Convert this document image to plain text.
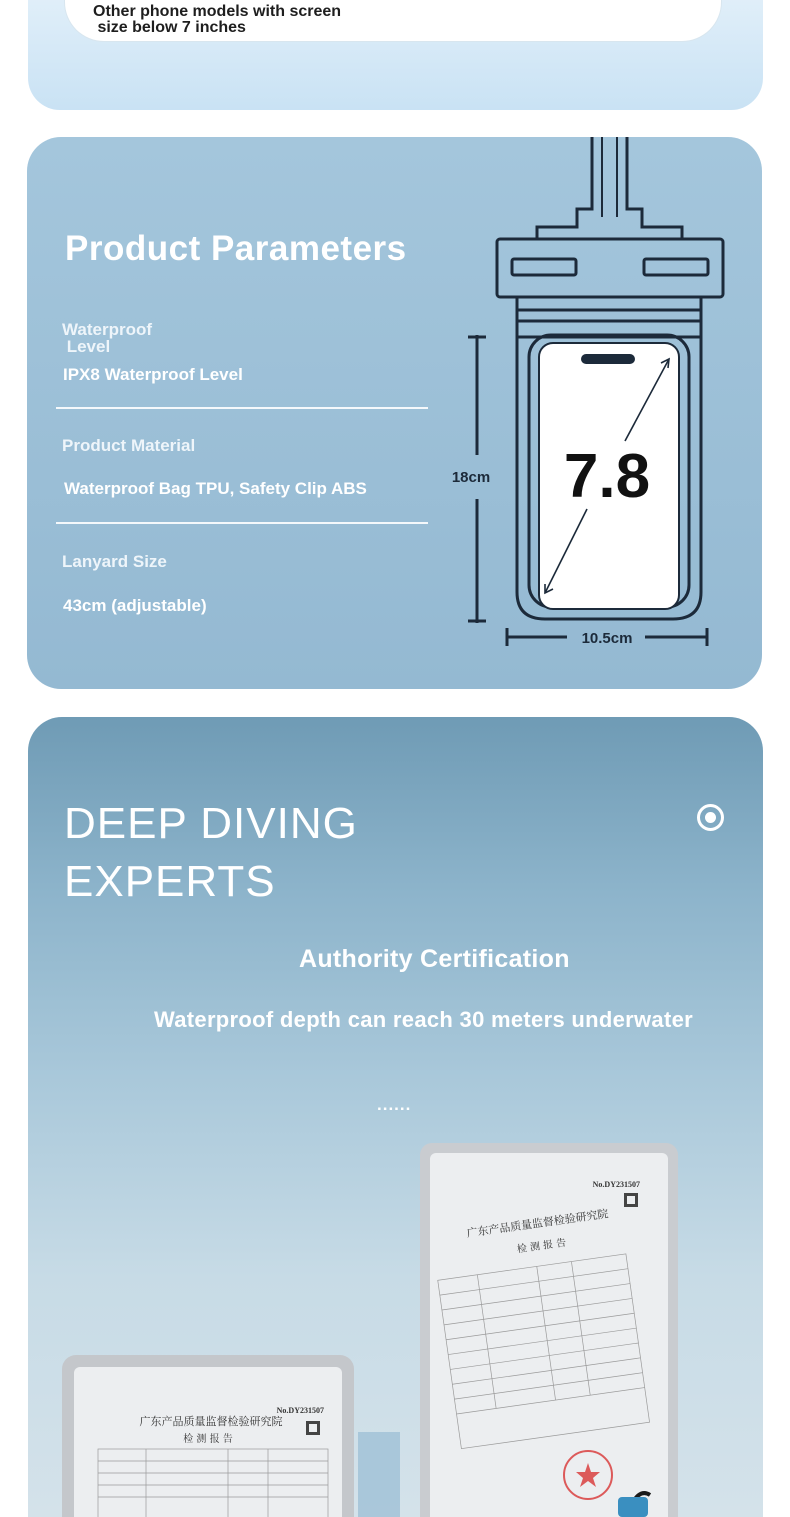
Other phone models with screen
size below 7 inches
Product Parameters
Waterproof
Level
IPX8 Waterproof Level
Product Material
Waterproof Bag TPU, Safety Clip ABS
Lanyard Size
43cm (adjustable)
7.8
18cm
10.5cm
DEEP DIVING
EXPERTS
Authority Certification
Waterproof depth can reach 30 meters underwater
......
No.DY231507
广东产品质量监督检验研究院
检 测 报 告
No.DY231507
广东产品质量监督检验研究院
检 测 报 告
